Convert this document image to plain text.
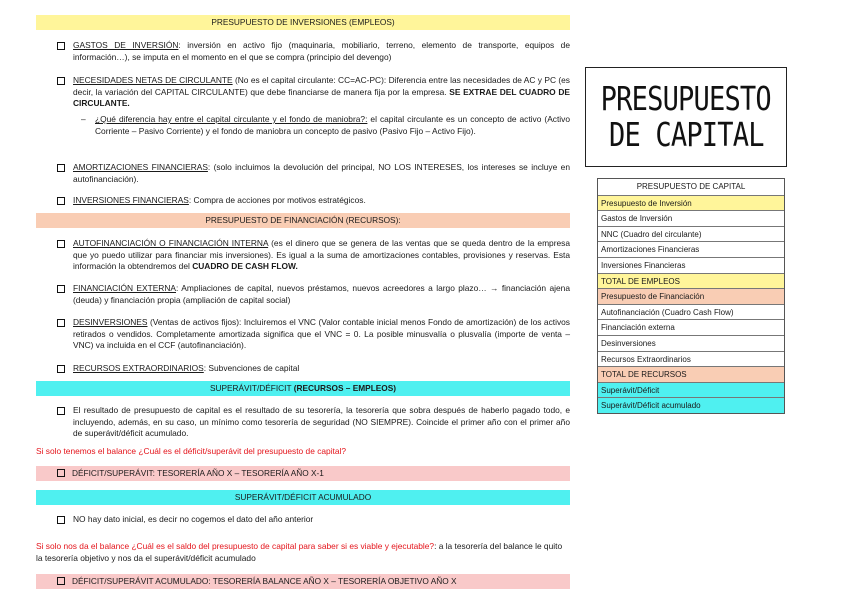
PRESUPUESTO DE INVERSIONES (EMPLEOS)
GASTOS DE INVERSIÓN: inversión en activo fijo (maquinaria, mobiliario, terreno, elemento de transporte, equipos de información…), se imputa en el momento en el que se compra (principio del devengo)
NECESIDADES NETAS DE CIRCULANTE (No es el capital circulante: CC=AC-PC): Diferencia entre las necesidades de AC y PC (es decir, la variación del CAPITAL CIRCULANTE) que debe financiarse de manera fija por la empresa. SE EXTRAE DEL CUADRO DE CIRCULANTE.
– ¿Qué diferencia hay entre el capital circulante y el fondo de maniobra?: el capital circulante es un concepto de activo (Activo Corriente – Pasivo Corriente) y el fondo de maniobra un concepto de pasivo (Pasivo Fijo – Activo Fijo).
AMORTIZACIONES FINANCIERAS: (solo incluimos la devolución del principal, NO LOS INTERESES, los intereses se incluye en autofinanciación).
INVERSIONES FINANCIERAS: Compra de acciones por motivos estratégicos.
PRESUPUESTO DE FINANCIACIÓN (RECURSOS):
AUTOFINANCIACIÓN O FINANCIACIÓN INTERNA (es el dinero que se genera de las ventas que se queda dentro de la empresa que yo puedo utilizar para financiar mis inversiones). Es igual a la suma de amortizaciones contables, provisiones y reservas. Esta información la obtendremos del CUADRO DE CASH FLOW.
FINANCIACIÓN EXTERNA: Ampliaciones de capital, nuevos préstamos, nuevos acreedores a largo plazo… → financiación ajena (deuda) y financiación propia (ampliación de capital social)
DESINVERSIONES (Ventas de activos fijos): Incluiremos el VNC (Valor contable inicial menos Fondo de amortización) de los activos retirados o vendidos. Completamente amortizada significa que el VNC = 0. La posible minusvalía o plusvalía (importe de venta –VNC) va incluida en el CCF (autofinanciación).
RECURSOS EXTRAORDINARIOS: Subvenciones de capital
SUPERÁVIT/DÉFICIT (RECURSOS – EMPLEOS)
El resultado de presupuesto de capital es el resultado de su tesorería, la tesorería que sobra después de haberlo pagado todo, e incluyendo, además, en su caso, un mínimo como tesorería de seguridad (NO SIEMPRE). Coincide el primer año con el primer año de superávit/déficit acumulado.
Si solo tenemos el balance ¿Cuál es el déficit/superávit del presupuesto de capital?
DÉFICIT/SUPERÁVIT: TESORERÍA AÑO X – TESORERÍA AÑO X-1
SUPERÁVIT/DÉFICIT ACUMULADO
NO hay dato inicial, es decir no cogemos el dato del año anterior
Si solo nos da el balance ¿Cuál es el saldo del presupuesto de capital para saber si es viable y ejecutable?: a la tesorería del balance le quito la tesorería objetivo y nos da el superávit/déficit acumulado
DÉFICIT/SUPERÁVIT ACUMULADO: TESORERÍA BALANCE AÑO X – TESORERÍA OBJETIVO AÑO X
PRESUPUESTO
DE CAPITAL
PRESUPUESTO DE CAPITAL
Presupuesto de Inversión
Gastos de Inversión
NNC (Cuadro del circulante)
Amortizaciones Financieras
Inversiones Financieras
TOTAL DE EMPLEOS
Presupuesto de Financiación
Autofinanciación (Cuadro Cash Flow)
Financiación externa
Desinversiones
Recursos Extraordinarios
TOTAL DE RECURSOS
Superávit/Déficit
Superávit/Déficit acumulado
